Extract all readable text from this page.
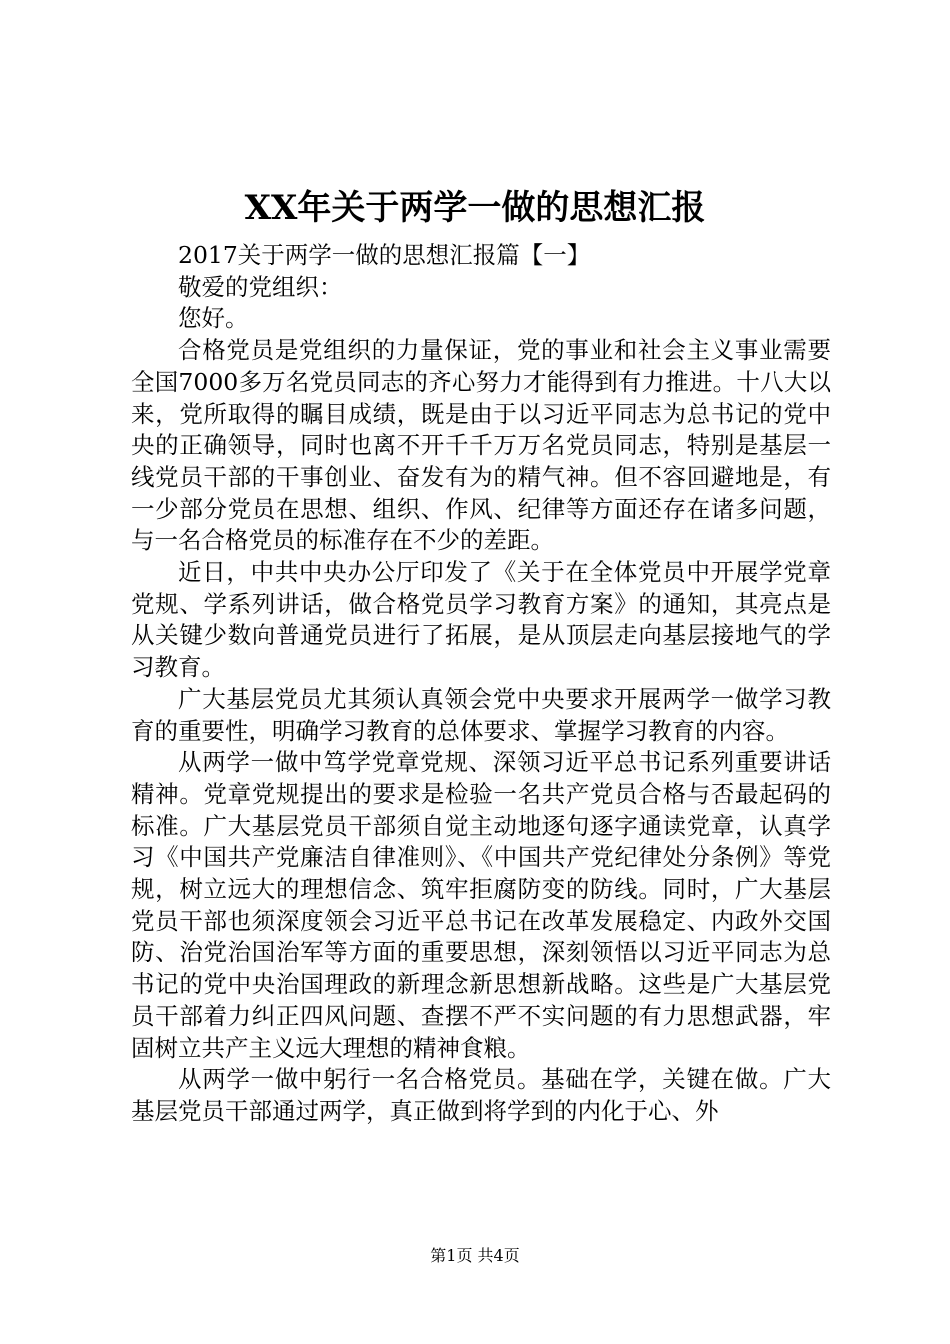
XX年关于两学一做的思想汇报

2017关于两学一做的思想汇报篇【一】

敬爱的党组织：

您好。

合格党员是党组织的力量保证，党的事业和社会主义事业需要全国7000多万名党员同志的齐心努力才能得到有力推进。十八大以来，党所取得的瞩目成绩，既是由于以习近平同志为总书记的党中央的正确领导，同时也离不开千千万万名党员同志，特别是基层一线党员干部的干事创业、奋发有为的精气神。但不容回避地是，有一少部分党员在思想、组织、作风、纪律等方面还存在诸多问题，与一名合格党员的标准存在不少的差距。

近日，中共中央办公厅印发了《关于在全体党员中开展学党章党规、学系列讲话，做合格党员学习教育方案》的通知，其亮点是从关键少数向普通党员进行了拓展，是从顶层走向基层接地气的学习教育。

广大基层党员尤其须认真领会党中央要求开展两学一做学习教育的重要性，明确学习教育的总体要求、掌握学习教育的内容。

从两学一做中笃学党章党规、深领习近平总书记系列重要讲话精神。党章党规提出的要求是检验一名共产党员合格与否最起码的标准。广大基层党员干部须自觉主动地逐句逐字通读党章，认真学习《中国共产党廉洁自律准则》、《中国共产党纪律处分条例》等党规，树立远大的理想信念、筑牢拒腐防变的防线。同时，广大基层党员干部也须深度领会习近平总书记在改革发展稳定、内政外交国防、治党治国治军等方面的重要思想，深刻领悟以习近平同志为总书记的党中央治国理政的新理念新思想新战略。这些是广大基层党员干部着力纠正四风问题、查摆不严不实问题的有力思想武器，牢固树立共产主义远大理想的精神食粮。

从两学一做中躬行一名合格党员。基础在学，关键在做。广大基层党员干部通过两学，真正做到将学到的内化于心、外

第1页 共4页
